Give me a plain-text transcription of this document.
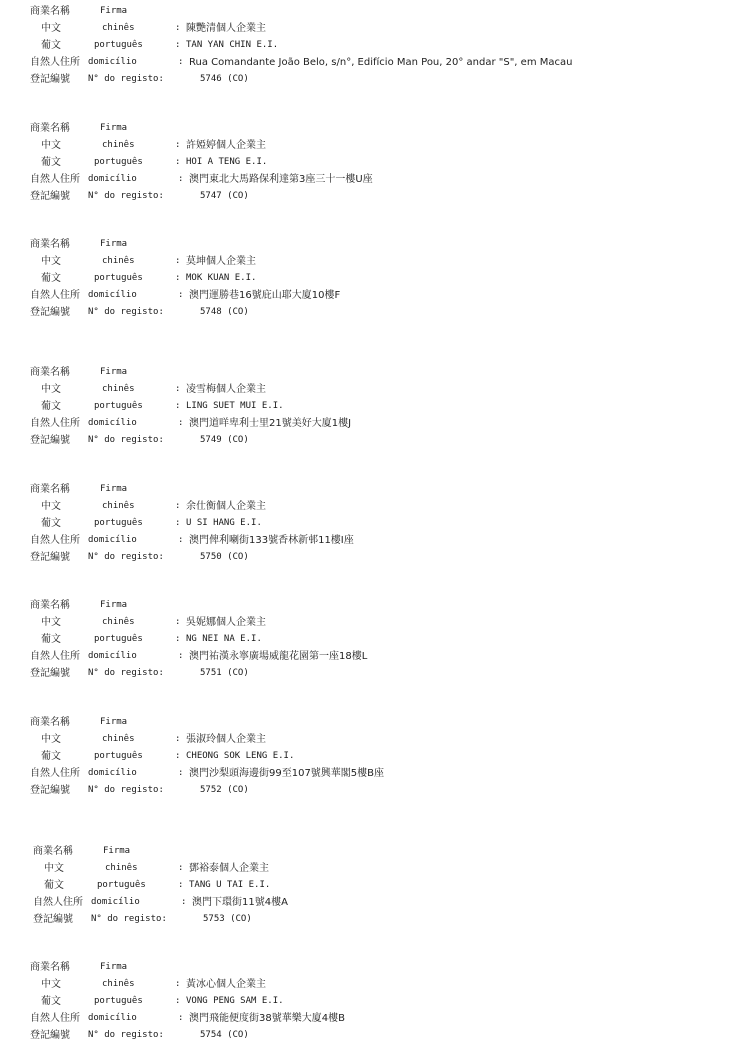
商業名稱	Firma
中文	chinês	: 陳艷清個人企業主
葡文	português	: TAN YAN CHIN E.I.
自然人住所 domicílio	: Rua Comandante João Belo, s/n°, Edifício Man Pou, 20° andar "S", em Macau
登記編號 N° do registo:	5746 (CO)
商業名稱	Firma
中文	chinês	: 許婭婷個人企業主
葡文	português	: HOI A TENG E.I.
自然人住所 domicílio	: 澳門東北大馬路保利達第3座三十一樓U座
登記編號 N° do registo:	5747 (CO)
商業名稱	Firma
中文	chinês	: 莫坤個人企業主
葡文	português	: MOK KUAN E.I.
自然人住所 domicílio	: 澳門運勝巷16號庇山耶大廈10樓F
登記編號 N° do registo:	5748 (CO)
商業名稱	Firma
中文	chinês	: 凌雪梅個人企業主
葡文	português	: LING SUET MUI E.I.
自然人住所 domicílio	: 澳門道咩卑利士里21號美好大廈1樓J
登記編號 N° do registo:	5749 (CO)
商業名稱	Firma
中文	chinês	: 余仕衡個人企業主
葡文	português	: U SI HANG E.I.
自然人住所 domicílio	: 澳門俾利喇街133號香林新邨11樓I座
登記編號 N° do registo:	5750 (CO)
商業名稱	Firma
中文	chinês	: 吳妮娜個人企業主
葡文	português	: NG NEI NA E.I.
自然人住所 domicílio	: 澳門祐漢永寧廣場威龍花園第一座18樓L
登記編號 N° do registo:	5751 (CO)
商業名稱	Firma
中文	chinês	: 張淑玲個人企業主
葡文	português	: CHEONG SOK LENG E.I.
自然人住所 domicílio	: 澳門沙梨頭海邊街99至107號興華閣5樓B座
登記編號 N° do registo:	5752 (CO)
商業名稱	Firma
中文	chinês	: 鄧裕泰個人企業主
葡文	português	: TANG U TAI E.I.
自然人住所 domicílio	: 澳門下環街11號4樓A
登記編號 N° do registo:	5753 (CO)
商業名稱	Firma
中文	chinês	: 黃冰心個人企業主
葡文	português	: VONG PENG SAM E.I.
自然人住所 domicílio	: 澳門飛能便度街38號華樂大廈4樓B
登記編號 N° do registo:	5754 (CO)
